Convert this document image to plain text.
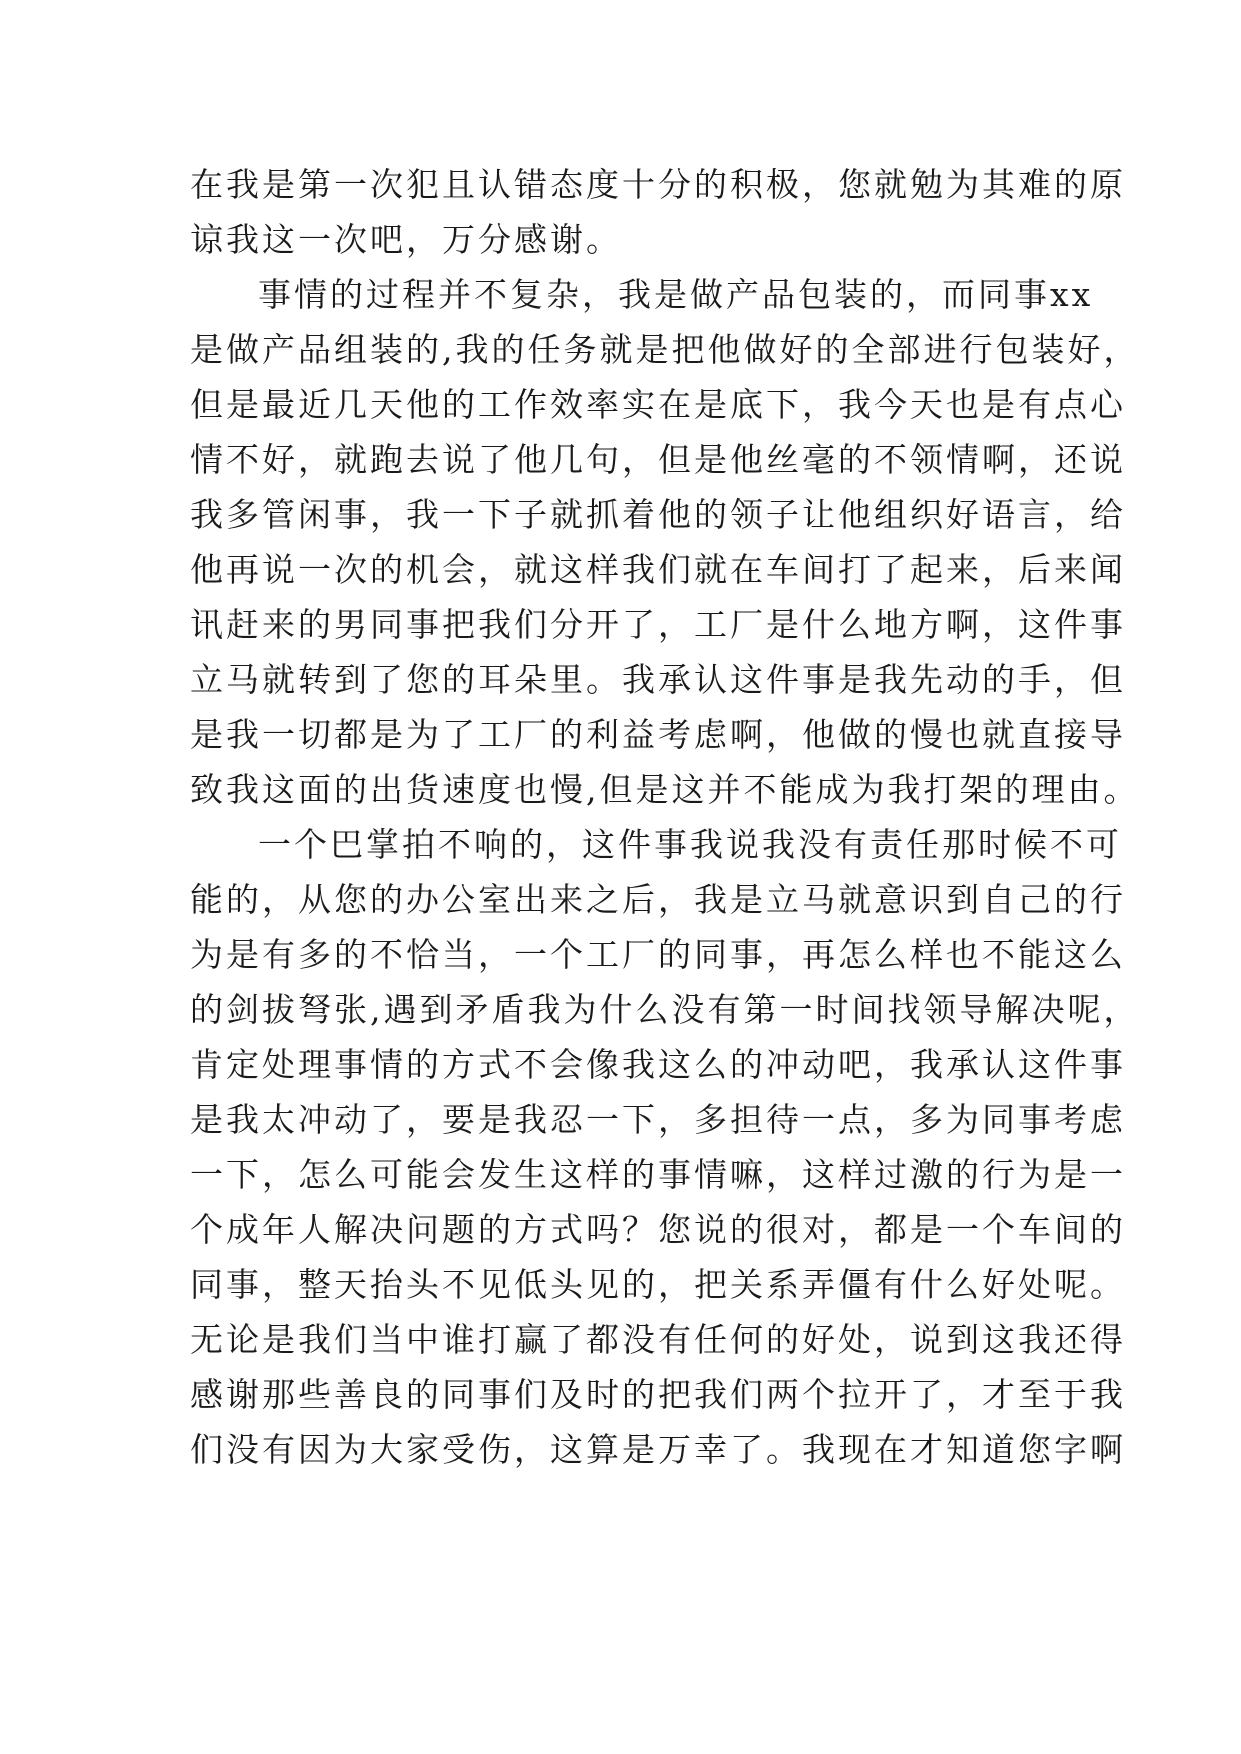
在 我 是 第 一 次 犯 且 认 错 态 度 十 分 的 积 极 ， 您 就 勉 为 其 难 的 原
谅我这一次吧，万分感谢。
事 情 的 过 程 并 不 复 杂 ， 我 是 做 产 品 包 装 的 ， 而 同 事 xx
是 做 产 品 组 装 的 , 我 的 任 务 就 是 把 他 做 好 的 全 部 进 行 包 装 好 ，
但 是 最 近 几 天 他 的 工 作 效 率 实 在 是 底 下 ， 我 今 天 也 是 有 点 心
情 不 好 ， 就 跑 去 说 了 他 几 句 ， 但 是 他 丝 毫 的 不 领 情 啊 ， 还 说
我 多 管 闲 事 ， 我 一 下 子 就 抓 着 他 的 领 子 让 他 组 织 好 语 言 ， 给
他 再 说 一 次 的 机 会 ， 就 这 样 我 们 就 在 车 间 打 了 起 来 ， 后 来 闻
讯 赶 来 的 男 同 事 把 我 们 分 开 了 ， 工 厂 是 什 么 地 方 啊 ， 这 件 事
立 马 就 转 到 了 您 的 耳 朵 里 。 我 承 认 这 件 事 是 我 先 动 的 手 ， 但
是 我 一 切 都 是 为 了 工 厂 的 利 益 考 虑 啊 ， 他 做 的 慢 也 就 直 接 导
致 我 这 面 的 出 货 速 度 也 慢 , 但 是 这 并 不 能 成 为 我 打 架 的 理 由 。
一 个 巴 掌 拍 不 响 的 ， 这 件 事 我 说 我 没 有 责 任 那 时 候 不 可
能 的 ， 从 您 的 办 公 室 出 来 之 后 ， 我 是 立 马 就 意 识 到 自 己 的 行
为 是 有 多 的 不 恰 当 ， 一 个 工 厂 的 同 事 ， 再 怎 么 样 也 不 能 这 么
的 剑 拔 弩 张 , 遇 到 矛 盾 我 为 什 么 没 有 第 一 时 间 找 领 导 解 决 呢 ，
肯 定 处 理 事 情 的 方 式 不 会 像 我 这 么 的 冲 动 吧 ， 我 承 认 这 件 事
是 我 太 冲 动 了 ， 要 是 我 忍 一 下 ， 多 担 待 一 点 ， 多 为 同 事 考 虑
一 下 ， 怎 么 可 能 会 发 生 这 样 的 事 情 嘛 ， 这 样 过 激 的 行 为 是 一
个 成 年 人 解 决 问 题 的 方 式 吗 ？ 您 说 的 很 对 ， 都 是 一 个 车 间 的
同 事 ， 整 天 抬 头 不 见 低 头 见 的 ， 把 关 系 弄 僵 有 什 么 好 处 呢 。
无 论 是 我 们 当 中 谁 打 赢 了 都 没 有 任 何 的 好 处 ， 说 到 这 我 还 得
感 谢 那 些 善 良 的 同 事 们 及 时 的 把 我 们 两 个 拉 开 了 ， 才 至 于 我
们 没 有 因 为 大 家 受 伤 ， 这 算 是 万 幸 了 。 我 现 在 才 知 道 您 字 啊
